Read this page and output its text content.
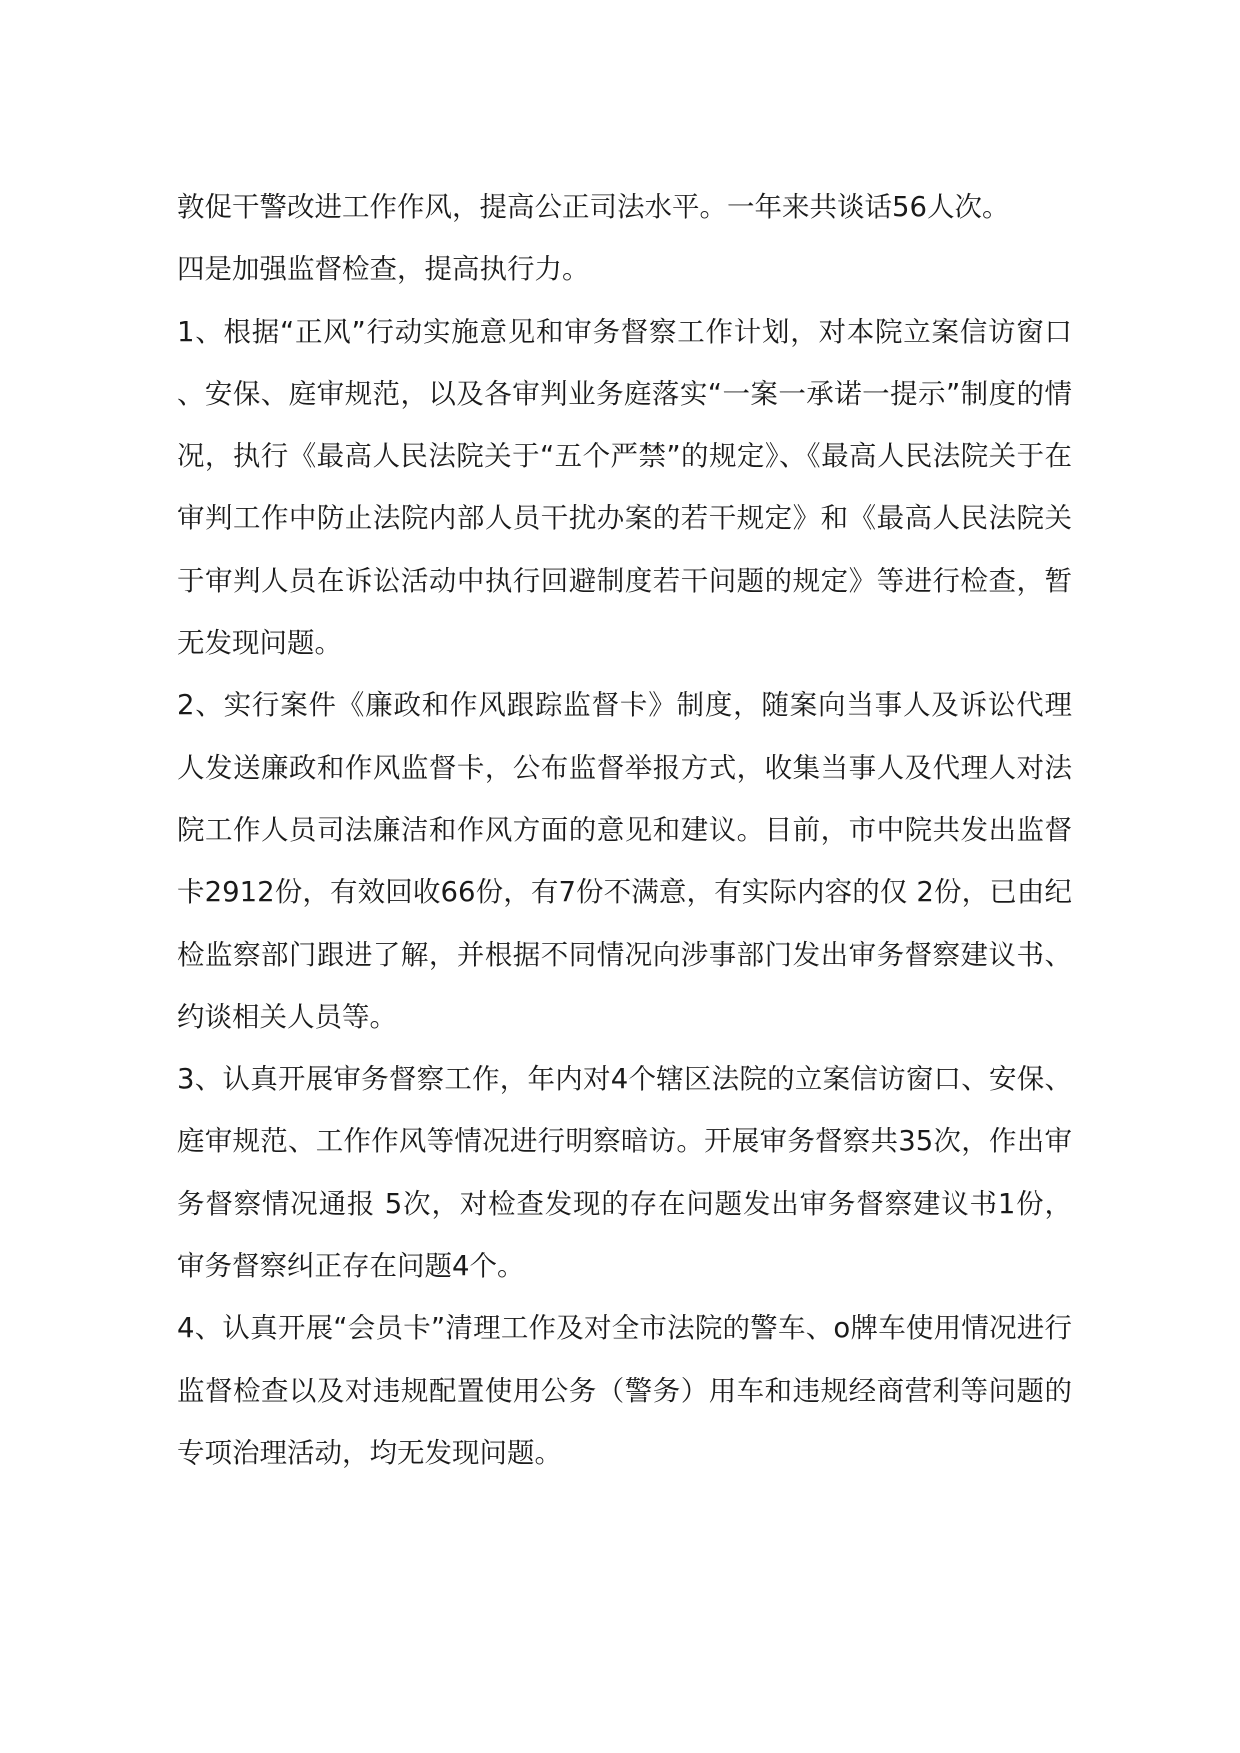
敦促干警改进工作作风，提高公正司法水平。一年来共谈话56人次。

四是加强监督检查，提高执行力。

1、根据“正风”行动实施意见和审务督察工作计划，对本院立案信访窗口、安保、庭审规范，以及各审判业务庭落实“一案一承诺一提示”制度的情况，执行《最高人民法院关于“五个严禁”的规定》、《最高人民法院关于在审判工作中防止法院内部人员干扰办案的若干规定》和《最高人民法院关于审判人员在诉讼活动中执行回避制度若干问题的规定》等进行检查，暂无发现问题。

2、实行案件《廉政和作风跟踪监督卡》制度，随案向当事人及诉讼代理人发送廉政和作风监督卡，公布监督举报方式，收集当事人及代理人对法院工作人员司法廉洁和作风方面的意见和建议。目前，市中院共发出监督卡2912份，有效回收66份，有7份不满意，有实际内容的仅 2份，已由纪检监察部门跟进了解，并根据不同情况向涉事部门发出审务督察建议书、约谈相关人员等。

3、认真开展审务督察工作，年内对4个辖区法院的立案信访窗口、安保、庭审规范、工作作风等情况进行明察暗访。开展审务督察共35次，作出审务督察情况通报 5次，对检查发现的存在问题发出审务督察建议书1份，审务督察纠正存在问题4个。

4、认真开展“会员卡”清理工作及对全市法院的警车、o牌车使用情况进行监督检查以及对违规配置使用公务（警务）用车和违规经商营利等问题的专项治理活动，均无发现问题。
